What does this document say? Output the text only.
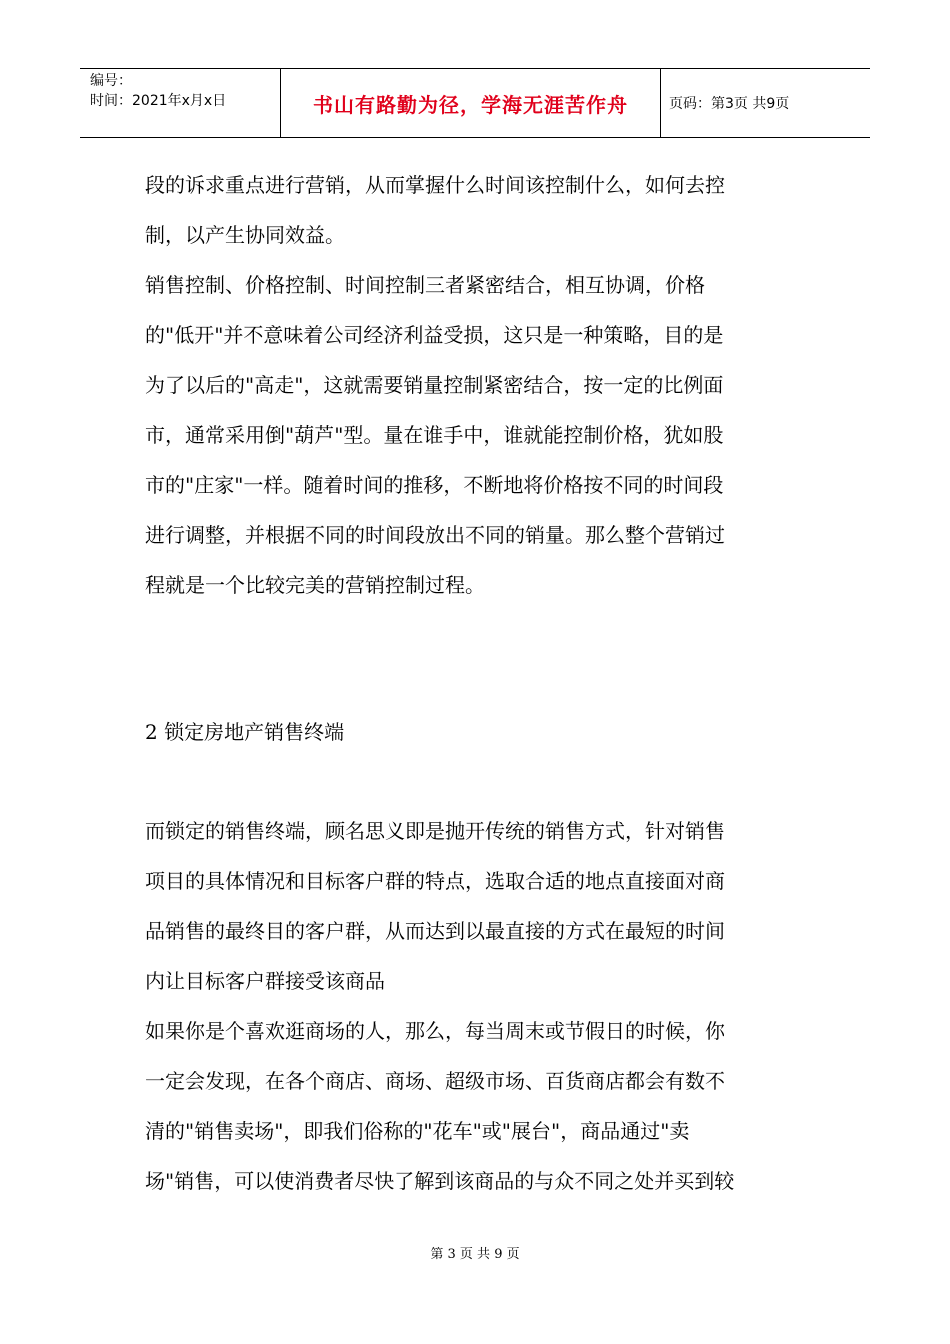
编号：
时间：2021年x月x日	书山有路勤为径，学海无涯苦作舟	页码：第3页 共9页

段的诉求重点进行营销，从而掌握什么时间该控制什么，如何去控

制，以产生协同效益。

销售控制、价格控制、时间控制三者紧密结合，相互协调，价格

的"低开"并不意味着公司经济利益受损，这只是一种策略，目的是

为了以后的"高走"，这就需要销量控制紧密结合，按一定的比例面

市，通常采用倒"葫芦"型。量在谁手中，谁就能控制价格，犹如股

市的"庄家"一样。随着时间的推移，不断地将价格按不同的时间段

进行调整，并根据不同的时间段放出不同的销量。那么整个营销过

程就是一个比较完美的营销控制过程。

2 锁定房地产销售终端

而锁定的销售终端，顾名思义即是抛开传统的销售方式，针对销售

项目的具体情况和目标客户群的特点，选取合适的地点直接面对商

品销售的最终目的客户群，从而达到以最直接的方式在最短的时间

内让目标客户群接受该商品

如果你是个喜欢逛商场的人，那么，每当周末或节假日的时候，你

一定会发现，在各个商店、商场、超级市场、百货商店都会有数不

清的"销售卖场"，即我们俗称的"花车"或"展台"，商品通过"卖

场"销售，可以使消费者尽快了解到该商品的与众不同之处并买到较

第 3 页 共 9 页
